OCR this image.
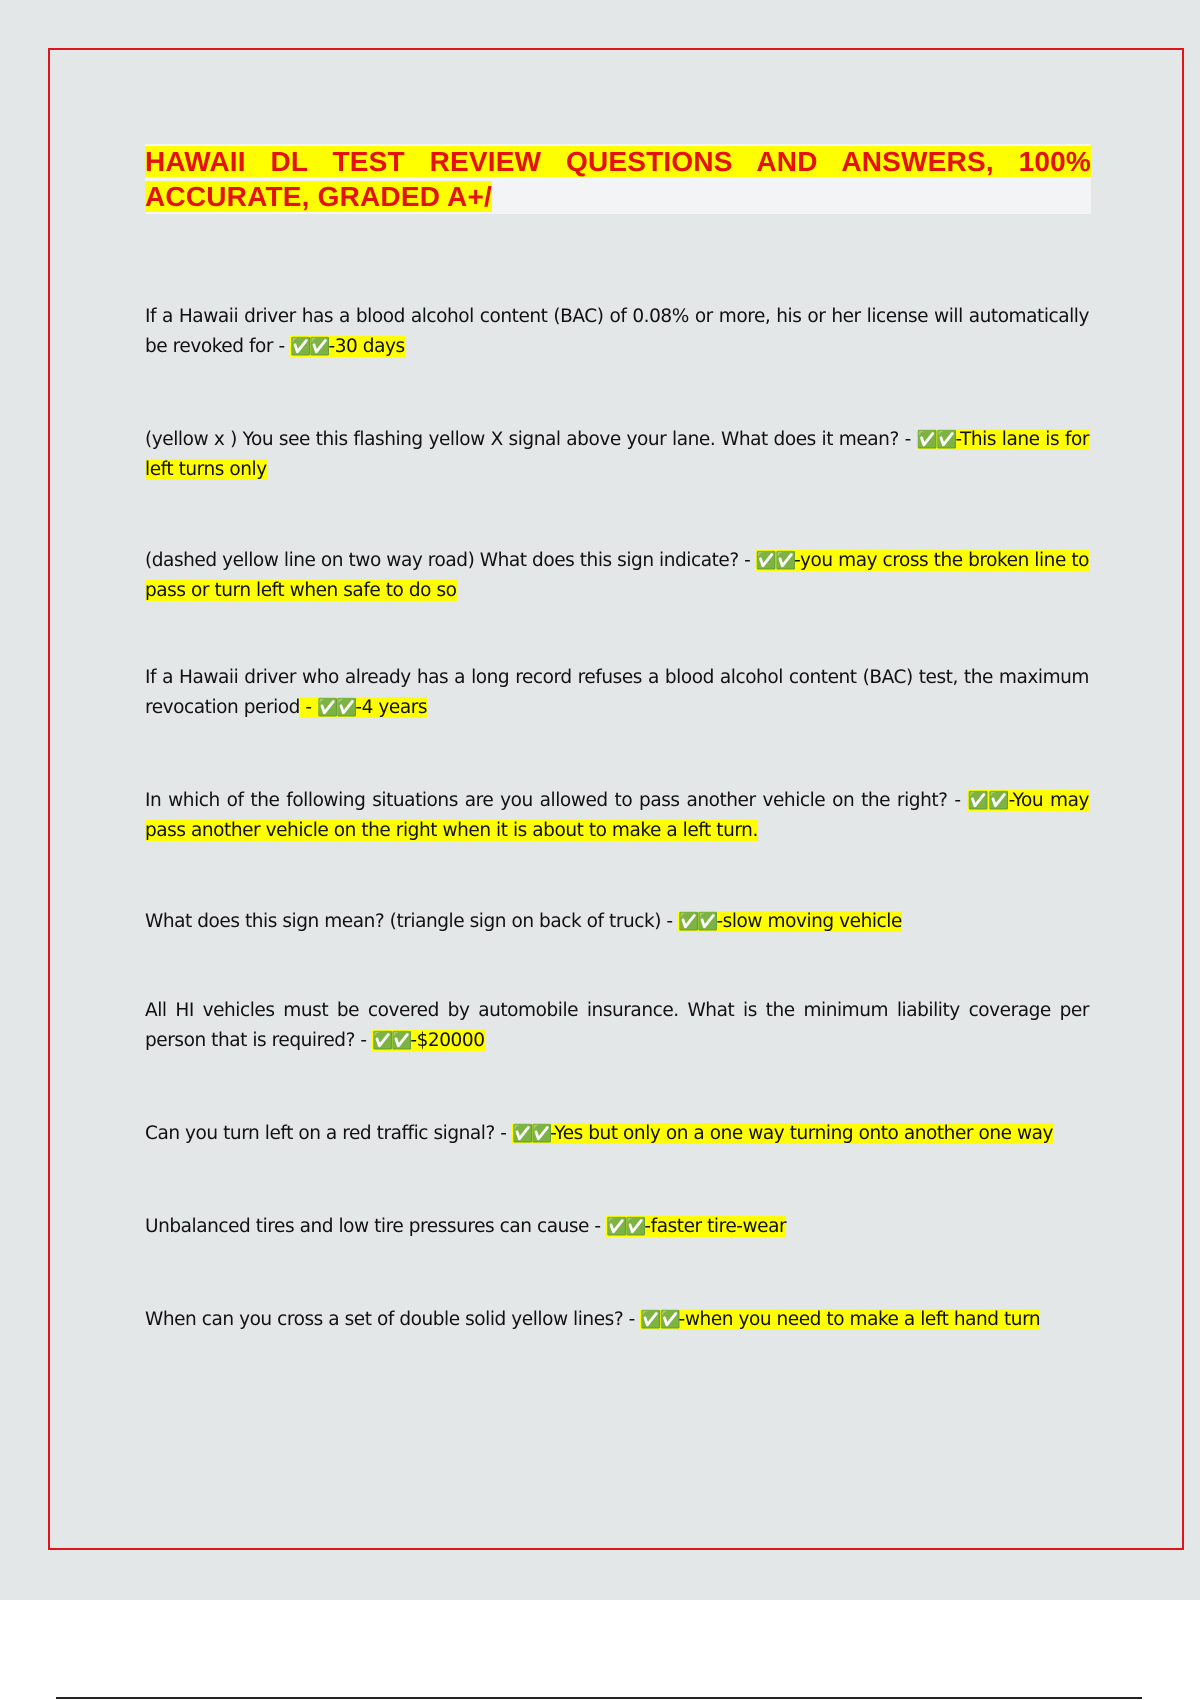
HAWAII DL TEST REVIEW QUESTIONS AND ANSWERS, 100% ACCURATE, GRADED A+/
If a Hawaii driver has a blood alcohol content (BAC) of 0.08% or more, his or her license will automatically be revoked for - ✅✅-30 days
(yellow x ) You see this flashing yellow X signal above your lane. What does it mean? - ✅✅-This lane is for left turns only
(dashed yellow line on two way road) What does this sign indicate? - ✅✅-you may cross the broken line to pass or turn left when safe to do so
If a Hawaii driver who already has a long record refuses a blood alcohol content (BAC) test, the maximum revocation period - ✅✅-4 years
In which of the following situations are you allowed to pass another vehicle on the right? - ✅✅-You may pass another vehicle on the right when it is about to make a left turn.
What does this sign mean? (triangle sign on back of truck) - ✅✅-slow moving vehicle
All HI vehicles must be covered by automobile insurance. What is the minimum liability coverage per person that is required? - ✅✅-$20000
Can you turn left on a red traffic signal? - ✅✅-Yes but only on a one way turning onto another one way
Unbalanced tires and low tire pressures can cause - ✅✅-faster tire-wear
When can you cross a set of double solid yellow lines? - ✅✅-when you need to make a left hand turn
